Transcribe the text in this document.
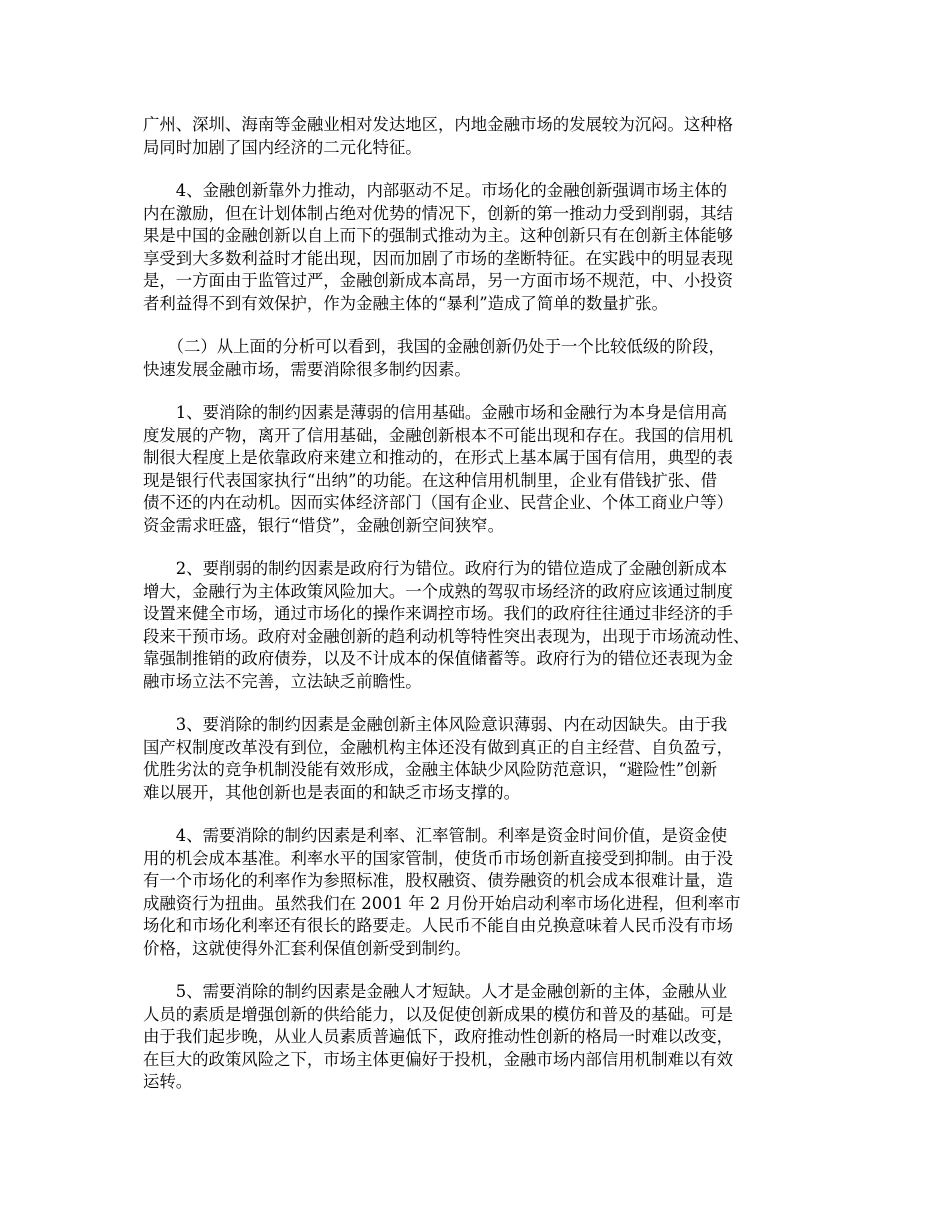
广州、深圳、海南等金融业相对发达地区，内地金融市场的发展较为沉闷。这种格
局同时加剧了国内经济的二元化特征。
　　4、金融创新靠外力推动，内部驱动不足。市场化的金融创新强调市场主体的
内在激励，但在计划体制占绝对优势的情况下，创新的第一推动力受到削弱，其结
果是中国的金融创新以自上而下的强制式推动为主。这种创新只有在创新主体能够
享受到大多数利益时才能出现，因而加剧了市场的垄断特征。在实践中的明显表现
是，一方面由于监管过严，金融创新成本高昂，另一方面市场不规范，中、小投资
者利益得不到有效保护，作为金融主体的“暴利”造成了简单的数量扩张。
　　（二）从上面的分析可以看到，我国的金融创新仍处于一个比较低级的阶段，
快速发展金融市场，需要消除很多制约因素。
　　1、要消除的制约因素是薄弱的信用基础。金融市场和金融行为本身是信用高
度发展的产物，离开了信用基础，金融创新根本不可能出现和存在。我国的信用机
制很大程度上是依靠政府来建立和推动的，在形式上基本属于国有信用，典型的表
现是银行代表国家执行“出纳”的功能。在这种信用机制里，企业有借钱扩张、借
债不还的内在动机。因而实体经济部门（国有企业、民营企业、个体工商业户等）
资金需求旺盛，银行“惜贷”，金融创新空间狭窄。
　　2、要削弱的制约因素是政府行为错位。政府行为的错位造成了金融创新成本
增大，金融行为主体政策风险加大。一个成熟的驾驭市场经济的政府应该通过制度
设置来健全市场，通过市场化的操作来调控市场。我们的政府往往通过非经济的手
段来干预市场。政府对金融创新的趋利动机等特性突出表现为，出现于市场流动性、
靠强制推销的政府债券，以及不计成本的保值储蓄等。政府行为的错位还表现为金
融市场立法不完善，立法缺乏前瞻性。
　　3、要消除的制约因素是金融创新主体风险意识薄弱、内在动因缺失。由于我
国产权制度改革没有到位，金融机构主体还没有做到真正的自主经营、自负盈亏，
优胜劣汰的竞争机制没能有效形成，金融主体缺少风险防范意识，“避险性”创新
难以展开，其他创新也是表面的和缺乏市场支撑的。
　　4、需要消除的制约因素是利率、汇率管制。利率是资金时间价值，是资金使
用的机会成本基准。利率水平的国家管制，使货币市场创新直接受到抑制。由于没
有一个市场化的利率作为参照标准，股权融资、债券融资的机会成本很难计量，造
成融资行为扭曲。虽然我们在 2001 年 2 月份开始启动利率市场化进程，但利率市
场化和市场化利率还有很长的路要走。人民币不能自由兑换意味着人民币没有市场
价格，这就使得外汇套利保值创新受到制约。
　　5、需要消除的制约因素是金融人才短缺。人才是金融创新的主体，金融从业
人员的素质是增强创新的供给能力，以及促使创新成果的模仿和普及的基础。可是
由于我们起步晚，从业人员素质普遍低下，政府推动性创新的格局一时难以改变，
在巨大的政策风险之下，市场主体更偏好于投机，金融市场内部信用机制难以有效
运转。
